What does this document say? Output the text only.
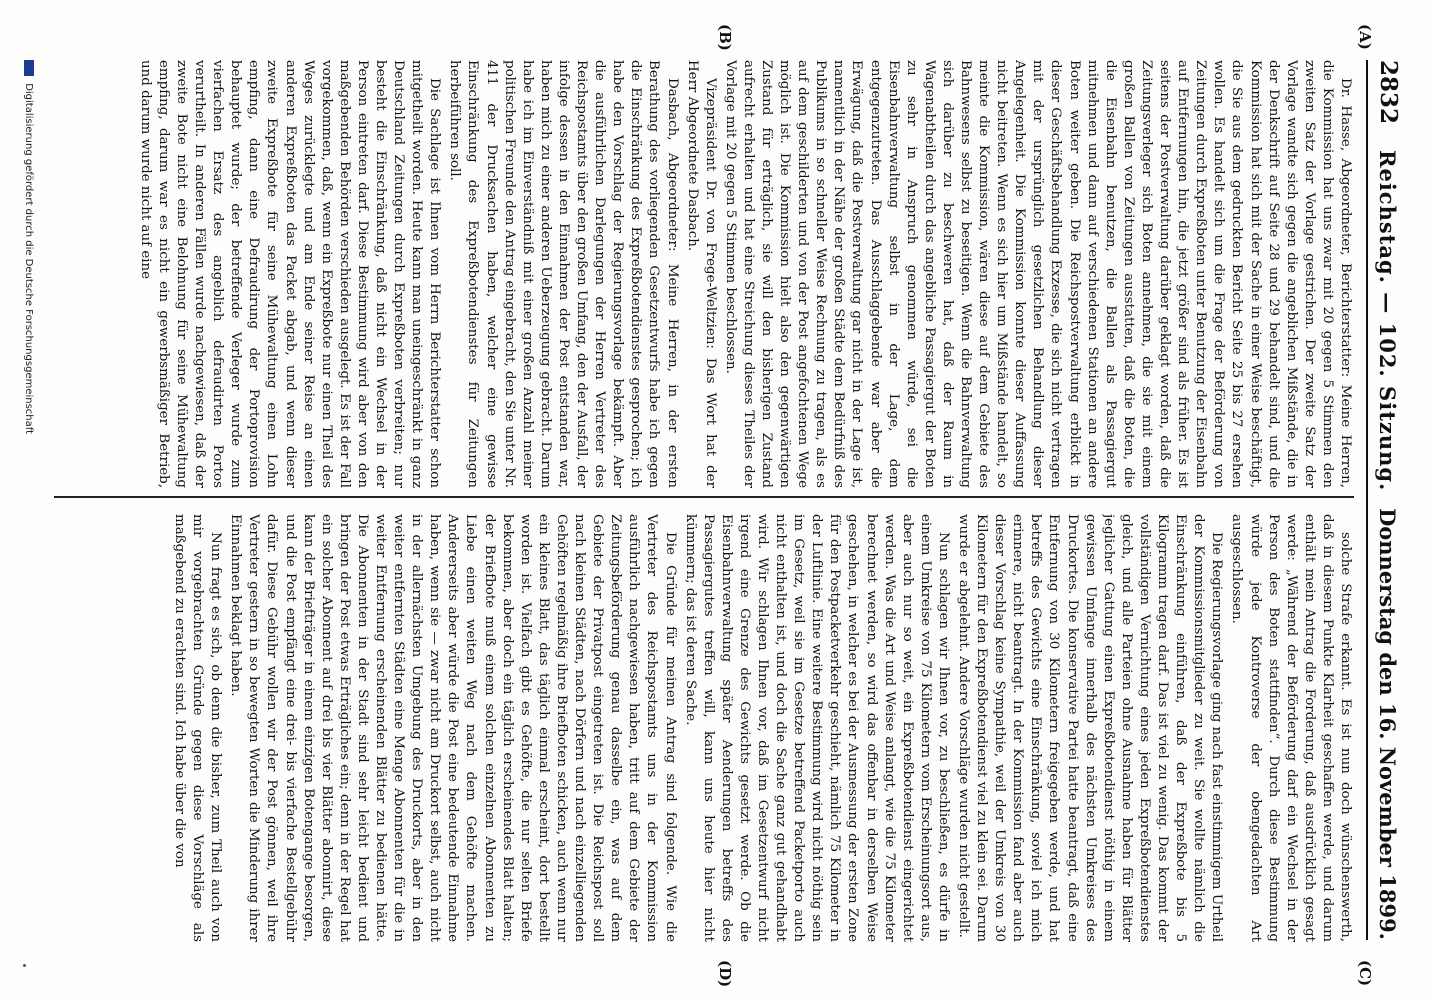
(A)
(B)
(C)
(D)
2832
Reichstag. — 102. Sitzung.
Donnerstag den 16. November 1899.

Dr. Hasse, Abgeordneter, Berichterstatter: Meine Herren, die Kommission hat uns zwar mit 20 gegen 5 Stimmen den zweiten Satz der Vorlage gestrichen. Der zweite Satz der Vorlage wandte sich gegen die angeblichen Mißstände, die in der Denkschrift auf Seite 28 und 29 behandelt sind, und die Kommission hat sich mit der Sache in einer Weise beschäftigt, die Sie aus dem gedruckten Bericht Seite 25 bis 27 ersehen wollen. Es handelt sich um die Frage der Beförderung von Zeitungen durch Expreßboten unter Benutzung der Eisenbahn auf Entfernungen hin, die jetzt größer sind als früher. Es ist seitens der Postverwaltung darüber geklagt worden, daß die Zeitungsverleger sich Boten annehmen, die sie mit einem großen Ballen von Zeitungen ausstatten, daß die Boten, die die Eisenbahn benutzen, die Ballen als Passagiergut mitnehmen und dann auf verschiedenen Stationen an andere Boten weiter geben. Die Reichspostverwaltung erblickt in dieser Geschäftsbehandlung Exzesse, die sich nicht vertragen mit der ursprünglich gesetzlichen Behandlung dieser Angelegenheit. Die Kommission konnte dieser Auffassung nicht beitreten. Wenn es sich hier um Mißstände handelt, so meinte die Kommission, wären diese auf dem Gebiete des Bahnwesens selbst zu beseitigen. Wenn die Bahnverwaltung sich darüber zu beschweren hat, daß der Raum in Wagenabtheilen durch das angebliche Passagiergut der Boten zu sehr in Anspruch genommen würde, sei die Eisenbahnverwaltung selbst in der Lage, dem entgegenzutreten. Das Ausschlaggebende war aber die Erwägung, daß die Postverwaltung gar nicht in der Lage ist, namentlich in der Nähe der großen Städte dem Bedürfniß des Publikums in so schneller Weise Rechnung zu tragen, als es auf dem geschilderten und von der Post angefochtenen Wege möglich ist. Die Kommission hielt also den gegenwärtigen Zustand für erträglich, sie will den bisherigen Zustand aufrecht erhalten und hat eine Streichung dieses Theiles der Vorlage mit 20 gegen 5 Stimmen beschlossen.

Vizepräsident Dr. von Frege-Weltzien: Das Wort hat der Herr Abgeordnete Dasbach.

Dasbach, Abgeordneter: Meine Herren, in der ersten Berathung des vorliegenden Gesetzentwurfs habe ich gegen die Einschränkung des Expreßbotendienstes gesprochen; ich habe den Vorschlag der Regierungsvorlage bekämpft. Aber die ausführlichen Darlegungen der Herren Vertreter des Reichspostamts über den großen Umfang, den der Ausfall, der infolge dessen in den Einnahmen der Post entstanden war, haben mich zu einer anderen Ueberzeugung gebracht. Darum habe ich im Einverständniß mit einer großen Anzahl meiner politischen Freunde den Antrag eingebracht, den Sie unter Nr. 411 der Drucksachen haben, welcher eine gewisse Einschränkung des Expreßbotendienstes für Zeitungen herbeiführen soll.

Die Sachlage ist Ihnen vom Herrn Berichterstatter schon mitgetheilt worden. Heute kann man uneingeschränkt in ganz Deutschland Zeitungen durch Expreßboten verbreiten; nur besteht die Einschränkung, daß nicht ein Wechsel in der Person eintreten darf. Diese Bestimmung wird aber von den maßgebenden Behörden verschieden ausgelegt. Es ist der Fall vorgekommen, daß, wenn ein Expreßbote nur einen Theil des Weges zurücklegte und am Ende seiner Reise an einen anderen Expreßboten das Packet abgab, und wenn dieser zweite Expreßbote für seine Mühewaltung einen Lohn empfing, dann eine Defraudirung der Portoprovision behauptet wurde; der betreffende Verleger wurde zum vierfachen Ersatz des angeblich defraudirten Portos verurtheilt. In anderen Fällen wurde nachgewiesen, daß der zweite Bote nicht eine Belohnung für seine Mühewaltung empfing, darum war es nicht ein gewerbsmäßiger Betrieb, und darum wurde nicht auf eine

solche Strafe erkannt. Es ist nun doch wünschenswerth, daß in diesem Punkte Klarheit geschaffen werde, und darum enthält mein Antrag die Forderung, daß ausdrücklich gesagt werde: „Während der Beförderung darf ein Wechsel in der Person des Boten stattfinden“. Durch diese Bestimmung würde jede Kontroverse der obengedachten Art ausgeschlossen.

Die Regierungsvorlage ging nach fast einstimmigem Urtheil der Kommissionsmitglieder zu weit. Sie wollte nämlich die Einschränkung einführen, daß der Expreßbote bis 5 Kilogramm tragen darf. Das ist viel zu wenig. Das kommt der vollständigen Vernichtung eines jeden Expreßbotendienstes gleich, und alle Parteien ohne Ausnahme haben für Blätter jeglicher Gattung einen Expreßbotendienst nöthig in einem gewissen Umfange innerhalb des nächsten Umkreises des Druckortes. Die konservative Partei hatte beantragt, daß eine Entfernung von 30 Kilometern freigegeben werde, und hat betreffs des Gewichts eine Einschränkung, soviel ich mich erinnere, nicht beantragt. In der Kommission fand aber auch dieser Vorschlag keine Sympathie, weil der Umkreis von 30 Kilometern für den Expreßbotendienst viel zu klein sei. Darum wurde er abgelehnt. Andere Vorschläge wurden nicht gestellt.

Nun schlagen wir Ihnen vor, zu beschließen, es dürfe in einem Umkreise von 75 Kilometern vom Erscheinungsort aus, aber auch nur so weit, ein Expreßbotendienst eingerichtet werden. Was die Art und Weise anlangt, wie die 75 Kilometer berechnet werden, so wird das offenbar in derselben Weise geschehen, in welcher es bei der Ausmessung der ersten Zone für den Postpacketverkehr geschieht, nämlich 75 Kilometer in der Luftlinie. Eine weitere Bestimmung wird nicht nöthig sein im Gesetz, weil sie im Gesetze betreffend Packetporto auch nicht enthalten ist, und doch die Sache ganz gut gehandhabt wird. Wir schlagen Ihnen vor, daß im Gesetzentwurf nicht irgend eine Grenze des Gewichts gesetzt werde. Ob die Eisenbahnverwaltung später Aenderungen betreffs des Passagiergutes treffen will, kann uns heute hier nicht kümmern; das ist deren Sache.

Die Gründe für meinen Antrag sind folgende. Wie die Vertreter des Reichspostamts uns in der Kommission ausführlich nachgewiesen haben, tritt auf dem Gebiete der Zeitungsbeförderung genau dasselbe ein, was auf dem Gebiete der Privatpost eingetreten ist. Die Reichspost soll nach kleinen Städten, nach Dörfern und nach einzelliegenden Gehöften regelmäßig ihre Briefboten schicken, auch wenn nur ein kleines Blatt, das täglich einmal erscheint, dort bestellt worden ist. Vielfach gibt es Gehöfte, die nur selten Briefe bekommen, aber doch ein täglich erscheinendes Blatt halten; der Briefbote muß einem solchen einzelnen Abonnenten zu Liebe einen weiten Weg nach dem Gehöfte machen. Andererseits aber würde die Post eine bedeutende Einnahme haben, wenn sie — zwar nicht am Druckort selbst, auch nicht in der allernächsten Umgebung des Druckorts, aber in den weiter entfernten Städten eine Menge Abonnenten für die in weiter Entfernung erscheinenden Blätter zu bedienen hätte. Die Abonnenten in der Stadt sind sehr leicht bedient und bringen der Post etwas Erträgliches ein; denn in der Regel hat ein solcher Abonnent auf drei bis vier Blätter abonnirt, diese kann der Briefträger in einem einzigen Botengange besorgen, und die Post empfängt eine drei- bis vierfache Bestellgebühr dafür. Diese Gebühr wollen wir der Post gönnen, weil ihre Vertreter gestern in so bewegten Worten die Minderung ihrer Einnahmen beklagt haben.

Nun fragt es sich, ob denn die bisher, zum Theil auch von mir vorgebrachten Gründe gegen diese Vorschläge als maßgebend zu erachten sind. Ich habe über die von

Digitalisierung gefördert durch die Deutsche Forschungsgemeinschaft
